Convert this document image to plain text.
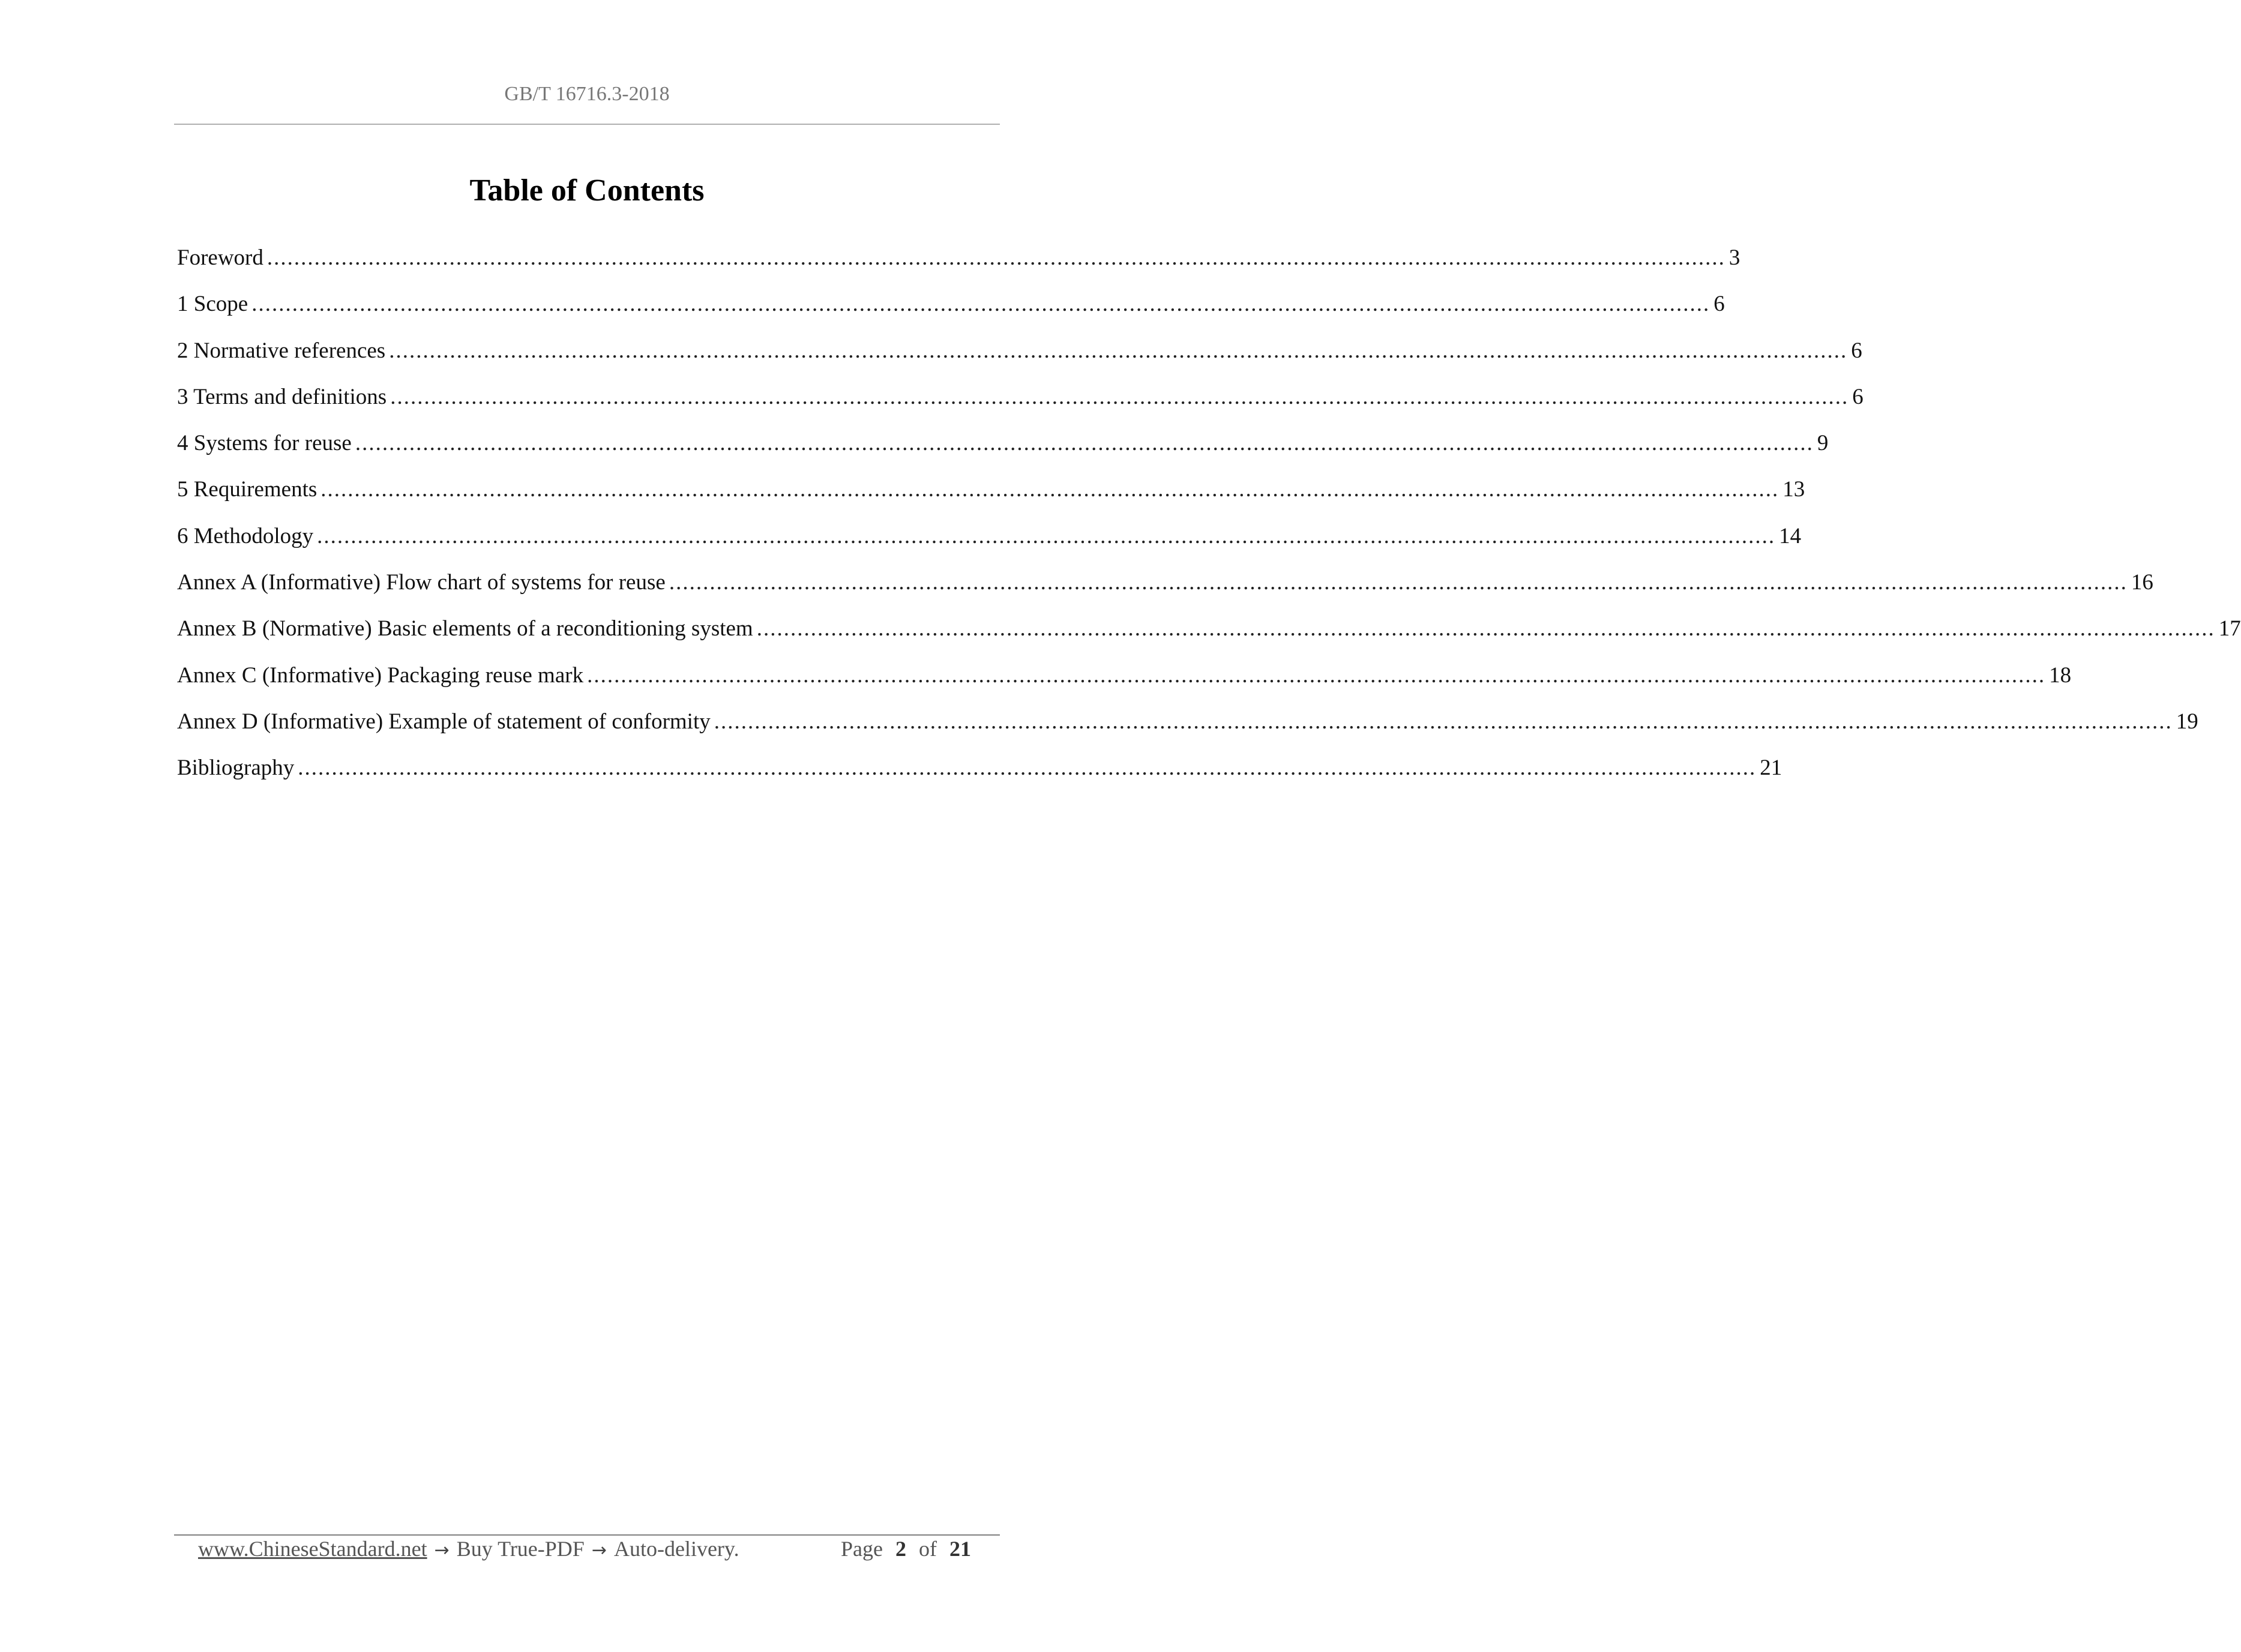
GB/T 16716.3-2018
Table of Contents
Foreword ........................................................................................................................................................................................................................ 3
1 Scope ........................................................................................................................................................................................................................ 6
2 Normative references ........................................................................................................................................................................................................................ 6
3 Terms and definitions ........................................................................................................................................................................................................................ 6
4 Systems for reuse ........................................................................................................................................................................................................................ 9
5 Requirements ........................................................................................................................................................................................................................ 13
6 Methodology ........................................................................................................................................................................................................................ 14
Annex A (Informative) Flow chart of systems for reuse ........................................................................................................................................................................................................................ 16
Annex B (Normative) Basic elements of a reconditioning system ........................................................................................................................................................................................................................ 17
Annex C (Informative) Packaging reuse mark ........................................................................................................................................................................................................................ 18
Annex D (Informative) Example of statement of conformity ........................................................................................................................................................................................................................ 19
Bibliography ........................................................................................................................................................................................................................ 21
www.ChineseStandard.net → Buy True-PDF → Auto-delivery.	Page 2 of 21
